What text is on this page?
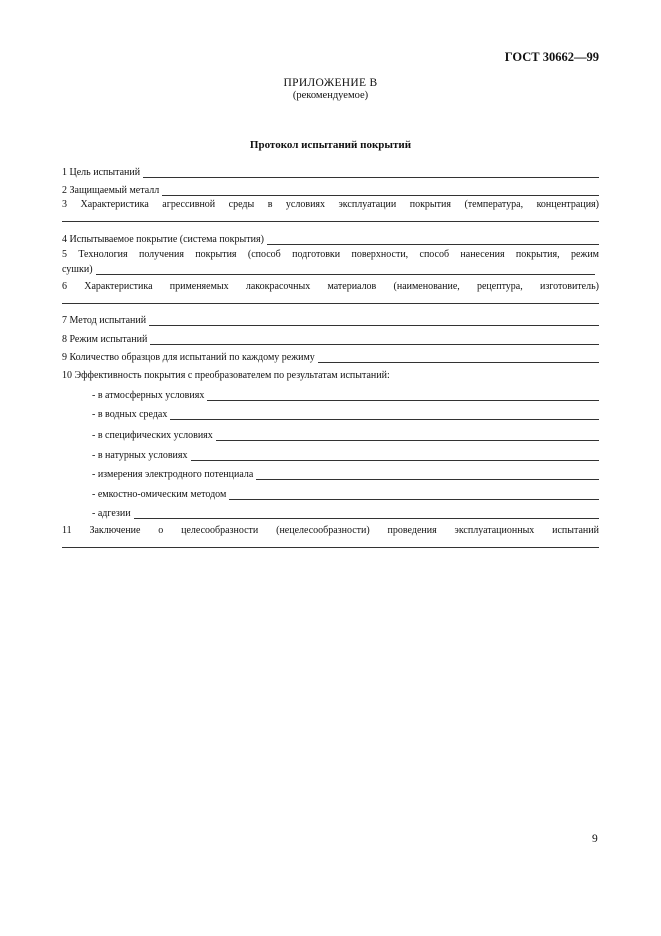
ГОСТ 30662—99
ПРИЛОЖЕНИЕ В
(рекомендуемое)
Протокол испытаний покрытий
1 Цель испытаний
2 Защищаемый металл
3 Характеристика агрессивной среды в условиях эксплуатации покрытия (температура, концентрация)
4 Испытываемое покрытие (система покрытия)
5 Технология получения покрытия (способ подготовки поверхности, способ нанесения покрытия, режим
сушки)
6 Характеристика применяемых лакокрасочных материалов (наименование, рецептура, изготовитель)
7 Метод испытаний
8 Режим испытаний
9 Количество образцов для испытаний по каждому режиму
10 Эффективность покрытия с преобразователем по результатам испытаний:
- в атмосферных условиях
- в водных средах
- в специфических условиях
- в натурных условиях
- измерения электродного потенциала
- емкостно-омическим методом
- адгезии
11 Заключение о целесообразности (нецелесообразности) проведения эксплуатационных испытаний
9
